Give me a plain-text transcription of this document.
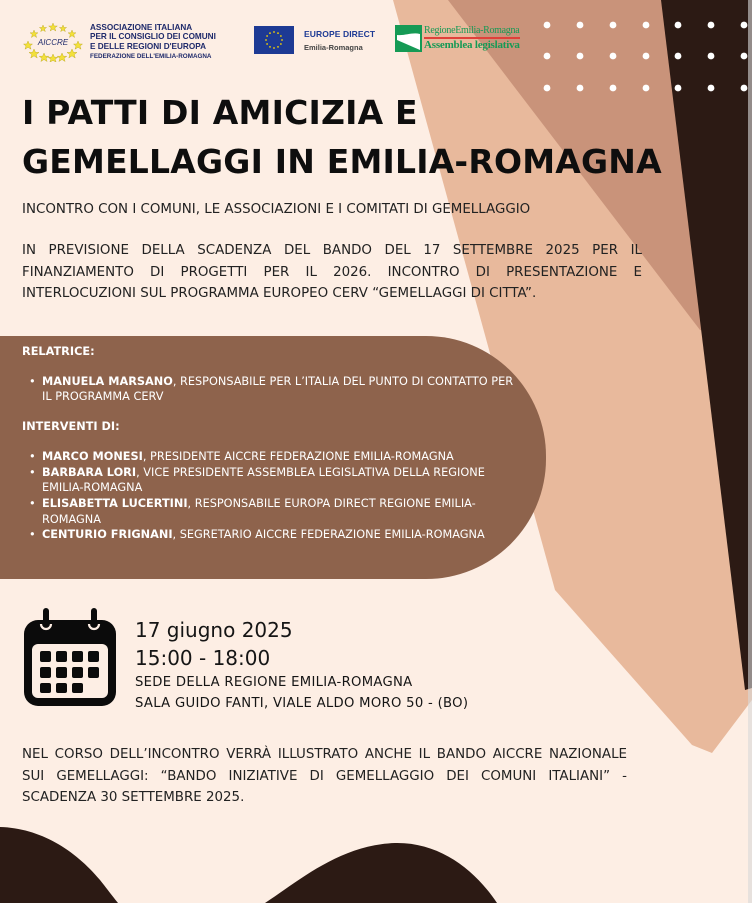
AICCRE
ASSOCIAZIONE ITALIANA
PER IL CONSIGLIO DEI COMUNI
E DELLE REGIONI D'EUROPA
FEDERAZIONE DELL'EMILIA-ROMAGNA
EUROPE DIRECT
Emilia-Romagna
RegioneEmilia-Romagna
Assemblea legislativa
I PATTI DI AMICIZIA E
GEMELLAGGI IN EMILIA-ROMAGNA
INCONTRO CON I COMUNI, LE ASSOCIAZIONI E I COMITATI DI GEMELLAGGIO
IN PREVISIONE DELLA SCADENZA DEL BANDO DEL 17 SETTEMBRE 2025 PER IL FINANZIAMENTO DI PROGETTI PER IL 2026. INCONTRO DI PRESENTAZIONE E INTERLOCUZIONI SUL PROGRAMMA EUROPEO CERV “GEMELLAGGI DI CITTA”.
RELATRICE:
• MANUELA MARSANO, RESPONSABILE PER L’ITALIA DEL PUNTO DI CONTATTO PER IL PROGRAMMA CERV
INTERVENTI DI:
• MARCO MONESI, PRESIDENTE AICCRE FEDERAZIONE EMILIA-ROMAGNA
• BARBARA LORI, VICE PRESIDENTE ASSEMBLEA LEGISLATIVA DELLA REGIONE EMILIA-ROMAGNA
• ELISABETTA LUCERTINI, RESPONSABILE EUROPA DIRECT REGIONE EMILIA-ROMAGNA
• CENTURIO FRIGNANI, SEGRETARIO AICCRE FEDERAZIONE EMILIA-ROMAGNA
17 giugno 2025
15:00 - 18:00
SEDE DELLA REGIONE EMILIA-ROMAGNA
SALA GUIDO FANTI, VIALE ALDO MORO 50 - (BO)
NEL CORSO DELL’INCONTRO VERRÀ ILLUSTRATO ANCHE IL BANDO AICCRE NAZIONALE SUI GEMELLAGGI: “BANDO INIZIATIVE DI GEMELLAGGIO DEI COMUNI ITALIANI” - SCADENZA 30 SETTEMBRE 2025.
